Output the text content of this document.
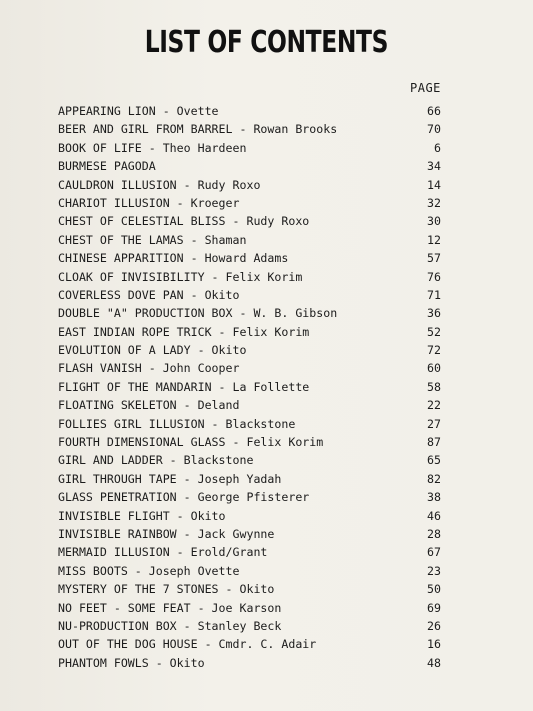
LIST OF CONTENTS
PAGE
APPEARING LION - Ovette	66
BEER AND GIRL FROM BARREL - Rowan Brooks	70
BOOK OF LIFE - Theo Hardeen	6
BURMESE PAGODA	34
CAULDRON ILLUSION - Rudy Roxo	14
CHARIOT ILLUSION - Kroeger	32
CHEST OF CELESTIAL BLISS - Rudy Roxo	30
CHEST OF THE LAMAS - Shaman	12
CHINESE APPARITION - Howard Adams	57
CLOAK OF INVISIBILITY - Felix Korim	76
COVERLESS DOVE PAN - Okito	71
DOUBLE "A" PRODUCTION BOX - W. B. Gibson	36
EAST INDIAN ROPE TRICK - Felix Korim	52
EVOLUTION OF A LADY - Okito	72
FLASH VANISH - John Cooper	60
FLIGHT OF THE MANDARIN - La Follette	58
FLOATING SKELETON - Deland	22
FOLLIES GIRL ILLUSION - Blackstone	27
FOURTH DIMENSIONAL GLASS - Felix Korim	87
GIRL AND LADDER - Blackstone	65
GIRL THROUGH TAPE - Joseph Yadah	82
GLASS PENETRATION - George Pfisterer	38
INVISIBLE FLIGHT - Okito	46
INVISIBLE RAINBOW - Jack Gwynne	28
MERMAID ILLUSION - Erold/Grant	67
MISS BOOTS - Joseph Ovette	23
MYSTERY OF THE 7 STONES - Okito	50
NO FEET - SOME FEAT - Joe Karson	69
NU-PRODUCTION BOX - Stanley Beck	26
OUT OF THE DOG HOUSE - Cmdr. C. Adair	16
PHANTOM FOWLS - Okito	48
